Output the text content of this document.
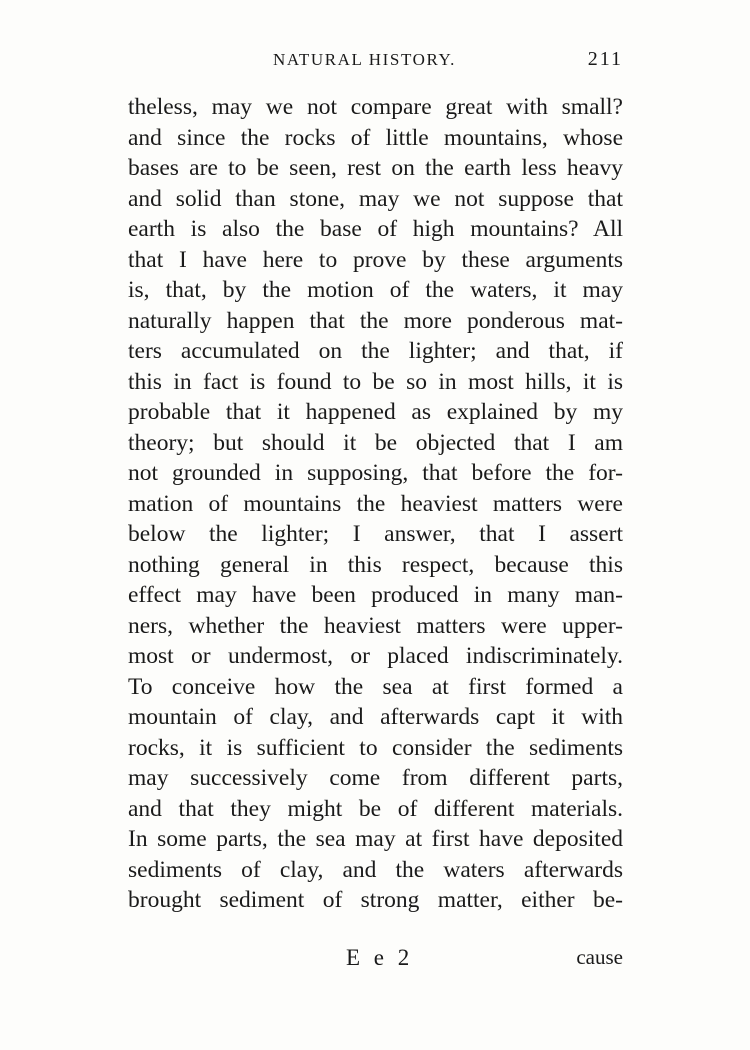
NATURAL HISTORY.	211
theless, may we not compare great with small?
and since the rocks of little mountains, whose
bases are to be seen, rest on the earth less heavy
and solid than stone, may we not suppose that
earth is also the base of high mountains? All
that I have here to prove by these arguments
is, that, by the motion of the waters, it may
naturally happen that the more ponderous mat-
ters accumulated on the lighter; and that, if
this in fact is found to be so in most hills, it is
probable that it happened as explained by my
theory; but should it be objected that I am
not grounded in supposing, that before the for-
mation of mountains the heaviest matters were
below the lighter; I answer, that I assert
nothing general in this respect, because this
effect may have been produced in many man-
ners, whether the heaviest matters were upper-
most or undermost, or placed indiscriminately.
To conceive how the sea at first formed a
mountain of clay, and afterwards capt it with
rocks, it is sufficient to consider the sediments
may successively come from different parts,
and that they might be of different materials.
In some parts, the sea may at first have deposited
sediments of clay, and the waters afterwards
brought sediment of strong matter, either be-
E e 2	cause
